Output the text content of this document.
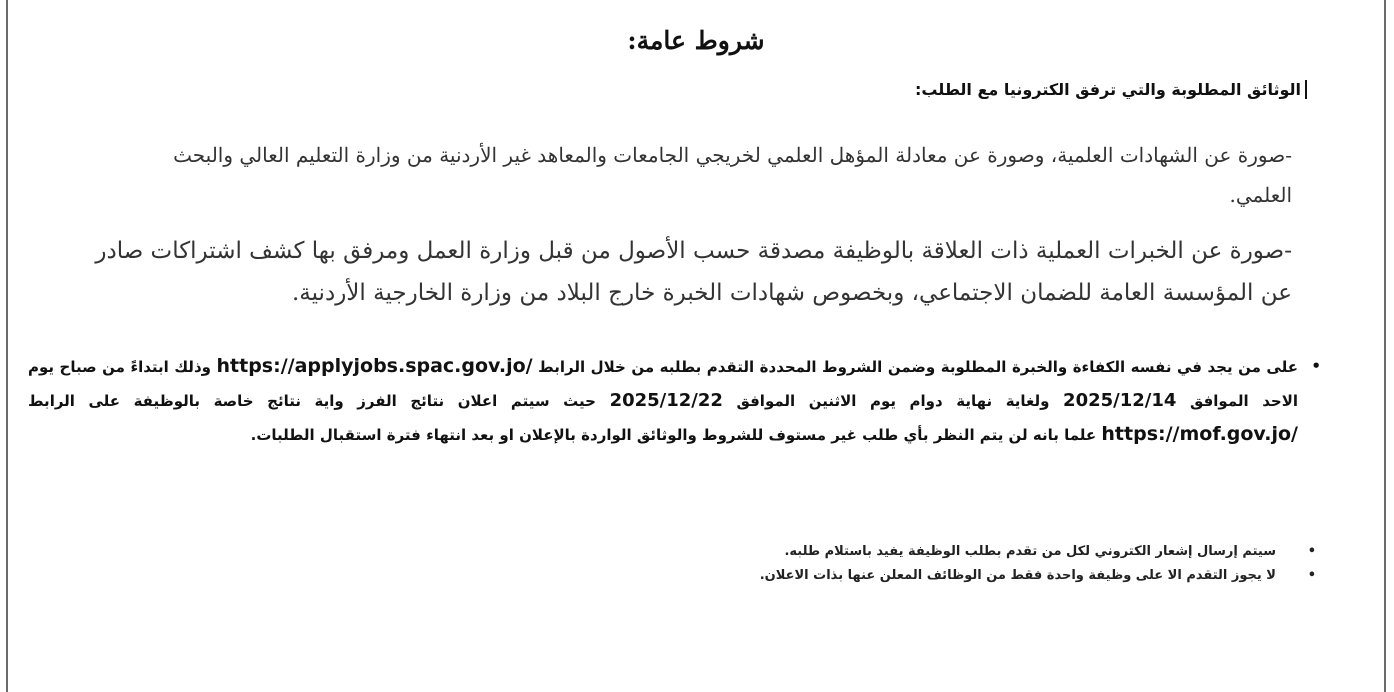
شروط عامة:
الوثائق المطلوبة والتي ترفق الكترونيا مع الطلب:
-صورة عن الشهادات العلمية، وصورة عن معادلة المؤهل العلمي لخريجي الجامعات والمعاهد غير الأردنية من وزارة التعليم العالي والبحث العلمي.
-صورة عن الخبرات العملية ذات العلاقة بالوظيفة مصدقة حسب الأصول من قبل وزارة العمل ومرفق بها كشف اشتراكات صادر عن المؤسسة العامة للضمان الاجتماعي، وبخصوص شهادات الخبرة خارج البلاد من وزارة الخارجية الأردنية.
•
على من يجد في نفسه الكفاءة والخبرة المطلوبة وضمن الشروط المحددة التقدم بطلبه من خلال الرابط https://applyjobs.spac.gov.jo/ وذلك ابتداءً من صباح يوم الاحد الموافق 2025/12/14 ولغاية نهاية دوام يوم الاثنين الموافق 2025/12/22 حيث سيتم اعلان نتائج الفرز واية نتائج خاصة بالوظيفة على الرابط https://mof.gov.jo/ علما بانه لن يتم النظر بأي طلب غير مستوف للشروط والوثائق الواردة بالإعلان او بعد انتهاء فترة استقبال الطلبات.
•
سيتم إرسال إشعار الكتروني لكل من تقدم بطلب الوظيفة يفيد باستلام طلبه.
•
لا يجوز التقدم الا على وظيفة واحدة فقط من الوظائف المعلن عنها بذات الاعلان.
